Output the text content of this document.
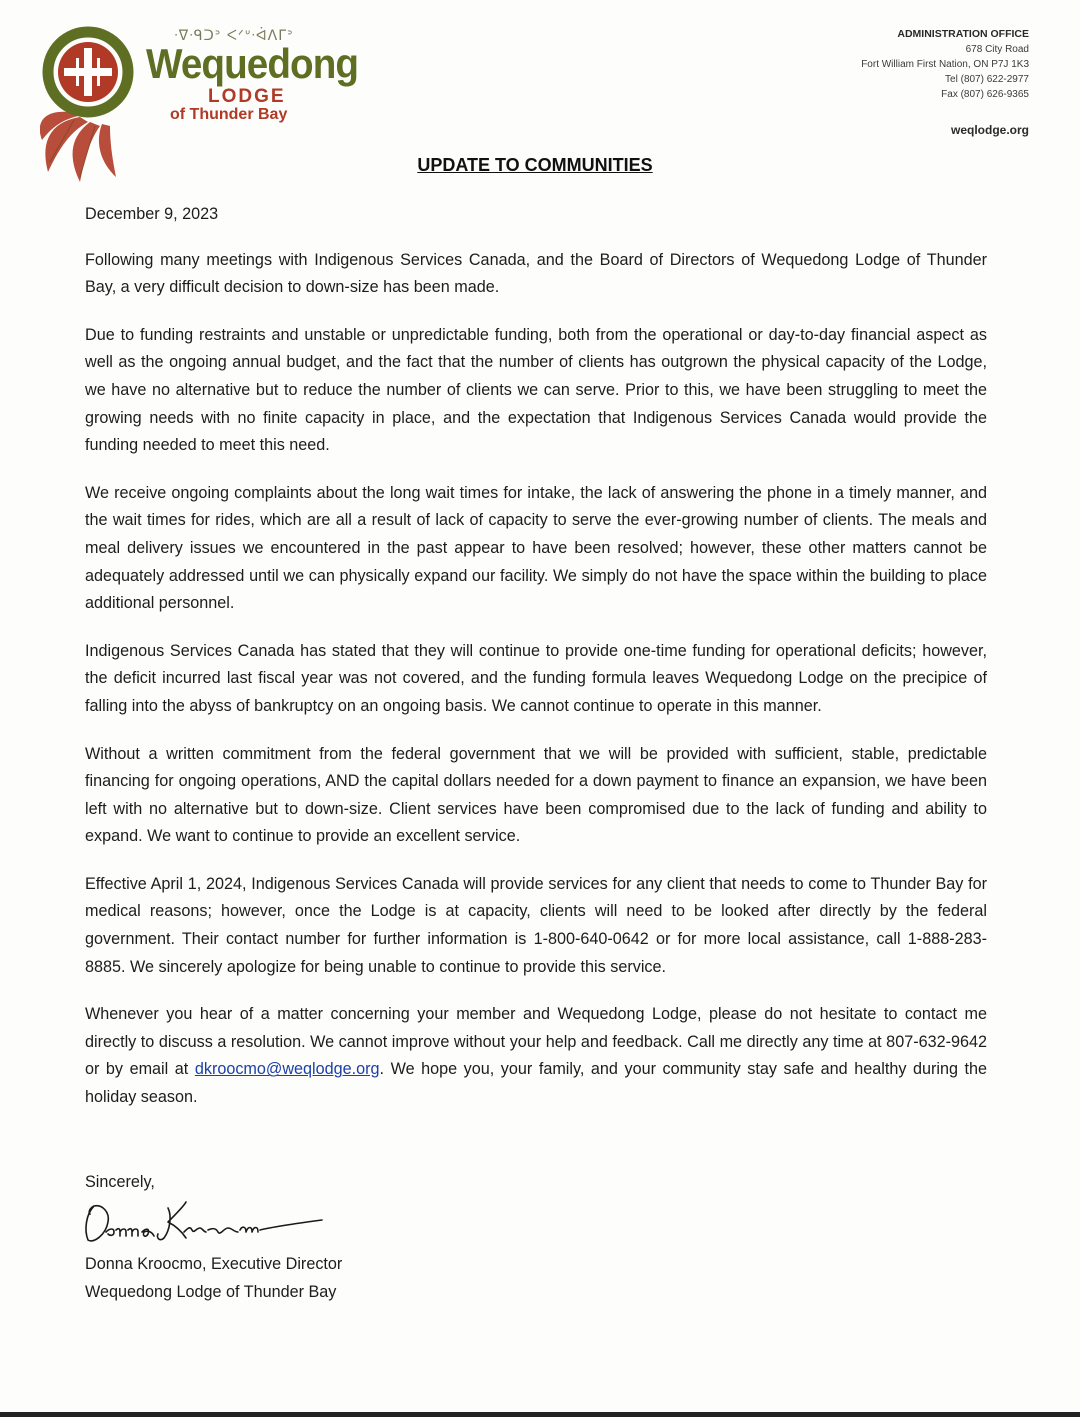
ᐧᐁᐧᑫᑐᐣ ᐸᐟᐡᐧᐋᐱᒥᐣ
Wequedong
LODGE
of Thunder Bay
ADMINISTRATION OFFICE
678 City Road
Fort William First Nation, ON P7J 1K3
Tel (807) 622-2977
Fax (807) 626-9365
weqlodge.org
UPDATE TO COMMUNITIES

December 9, 2023

Following many meetings with Indigenous Services Canada, and the Board of Directors of Wequedong Lodge of Thunder Bay, a very difficult decision to down-size has been made.

Due to funding restraints and unstable or unpredictable funding, both from the operational or day-to-day financial aspect as well as the ongoing annual budget, and the fact that the number of clients has outgrown the physical capacity of the Lodge, we have no alternative but to reduce the number of clients we can serve. Prior to this, we have been struggling to meet the growing needs with no finite capacity in place, and the expectation that Indigenous Services Canada would provide the funding needed to meet this need.

We receive ongoing complaints about the long wait times for intake, the lack of answering the phone in a timely manner, and the wait times for rides, which are all a result of lack of capacity to serve the ever-growing number of clients. The meals and meal delivery issues we encountered in the past appear to have been resolved; however, these other matters cannot be adequately addressed until we can physically expand our facility. We simply do not have the space within the building to place additional personnel.

Indigenous Services Canada has stated that they will continue to provide one-time funding for operational deficits; however, the deficit incurred last fiscal year was not covered, and the funding formula leaves Wequedong Lodge on the precipice of falling into the abyss of bankruptcy on an ongoing basis. We cannot continue to operate in this manner.

Without a written commitment from the federal government that we will be provided with sufficient, stable, predictable financing for ongoing operations, AND the capital dollars needed for a down payment to finance an expansion, we have been left with no alternative but to down-size. Client services have been compromised due to the lack of funding and ability to expand. We want to continue to provide an excellent service.

Effective April 1, 2024, Indigenous Services Canada will provide services for any client that needs to come to Thunder Bay for medical reasons; however, once the Lodge is at capacity, clients will need to be looked after directly by the federal government. Their contact number for further information is 1-800-640-0642 or for more local assistance, call 1-888-283-8885. We sincerely apologize for being unable to continue to provide this service.

Whenever you hear of a matter concerning your member and Wequedong Lodge, please do not hesitate to contact me directly to discuss a resolution. We cannot improve without your help and feedback. Call me directly any time at 807-632-9642 or by email at dkroocmo@weqlodge.org. We hope you, your family, and your community stay safe and healthy during the holiday season.

Sincerely,
Donna Kroocmo, Executive Director
Wequedong Lodge of Thunder Bay
